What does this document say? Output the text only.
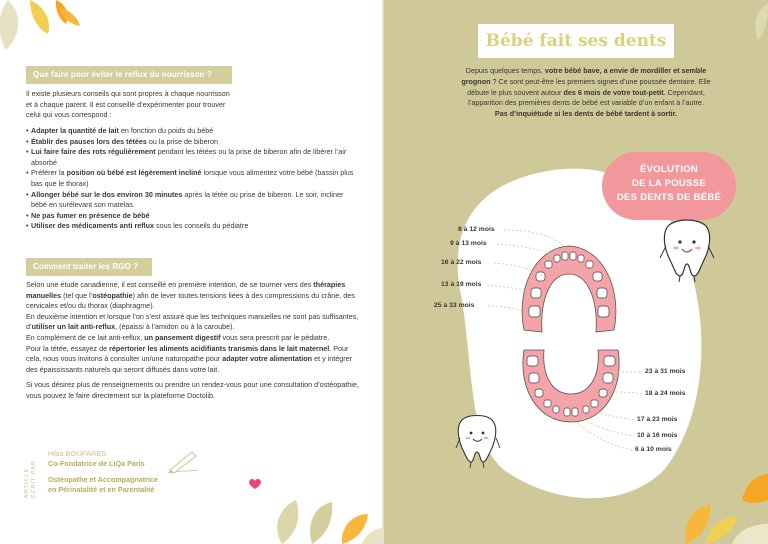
Que faire pour éviter le reflux du nourrisson ?
Il existe plusieurs conseils qui sont propres à chaque nourrisson
et à chaque parent. Il est conseillé d’expérimenter pour trouver
celui qui vous correspond :
• Adapter la quantité de lait en fonction du poids du bébé
• Établir des pauses lors des tétées ou la prise de biberon
• Lui faire faire des rots régulièrement pendant les tétées ou la prise de biberon afin de libérer l’air absorbé
• Préférer la position où bébé est légèrement incliné lorsque vous alimentez votre bébé (bassin plus bas que le thorax)
• Allonger bébé sur le dos environ 30 minutes après la tétée ou prise de biberon. Le soir, incliner bébé en surélevant son matelas.
• Ne pas fumer en présence de bébé
• Utiliser des médicaments anti reflux sous les conseils du pédiatre
Comment traiter les RGO ?
Selon une étude canadienne, il est conseillé en première intention, de se tourner vers des thérapies manuelles (tel que l’ostéopathie) afin de lever toutes tensions liées à des compressions du crâne, des cervicales et/ou du thorax (diaphragme).
En deuxième intention et lorsque l’on s’est assuré que les techniques manuelles ne sont pas suffisantes, d’utiliser un lait anti-reflux, (épaissi à l’amidon ou à la caroube).
En complément de ce lait anti-reflux, un pansement digestif vous sera prescrit par le pédiatre.
Pour la tétée, essayez de répertorier les aliments acidifiants transmis dans le lait maternel. Pour cela, nous vous invitons à consulter un/une naturopathe pour adapter votre alimentation et y intégrer des épaississants naturels qui seront diffusés dans votre lait.
Si vous désirez plus de renseignements ou prendre un rendez-vous pour une consultation d’ostéopathie, vous pouvez le faire directement sur la plateforme Doctolib.
ARTICLE ÉCRIT PAR
Hiba BOUFARES
Co-Fondatrice de LiQa Paris
Ostéopathe et Accompagnatrice
en Périnatalité et en Parentalité
Bébé fait ses dents
Depuis quelques temps, votre bébé bave, a envie de mordiller et semble grognon ? Ce sont peut-être les premiers signes d’une poussée dentaire. Elle débute le plus souvent autour des 6 mois de votre tout-petit. Cependant, l’apparition des premières dents de bébé est variable d’un enfant à l’autre.
Pas d’inquiétude si les dents de bébé tardent à sortir.
ÉVOLUTION
DE LA POUSSE
DES DENTS DE BÉBÉ
8 à 12 mois
9 à 13 mois
16 à 22 mois
13 à 19 mois
25 à 33 mois
23 à 31 mois
18 à 24 mois
17 à 23 mois
10 à 16 mois
6 à 10 mois
